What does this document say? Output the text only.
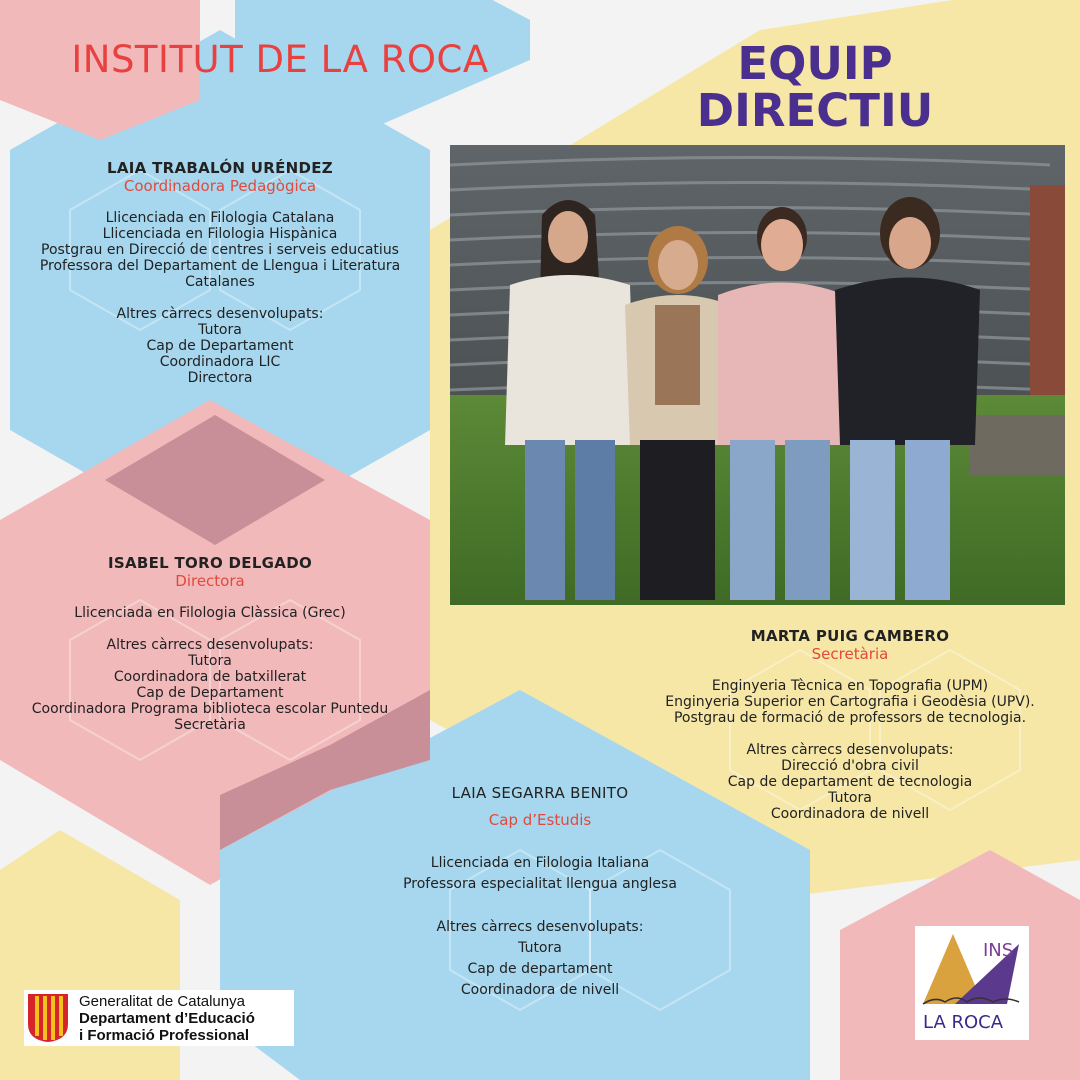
INSTITUT DE LA ROCA	EQUIP
DIRECTIU
LAIA TRABALÓN URÉNDEZ
Coordinadora Pedagògica
Llicenciada en Filologia Catalana
Llicenciada en Filologia Hispànica
Postgrau en Direcció de centres i serveis educatius
Professora del Departament de Llengua i Literatura
Catalanes
Altres càrrecs desenvolupats:
Tutora
Cap de Departament
Coordinadora LIC
Directora
ISABEL TORO DELGADO
Directora
Llicenciada en Filologia Clàssica (Grec)
Altres càrrecs desenvolupats:
Tutora
Coordinadora de batxillerat
Cap de Departament
Coordinadora Programa biblioteca escolar Puntedu
Secretària
MARTA PUIG CAMBERO
Secretària
Enginyeria Tècnica en Topografia (UPM)
Enginyeria Superior en Cartografia i Geodèsia (UPV).
Postgrau de formació de professors de tecnologia.
Altres càrrecs desenvolupats:
Direcció d'obra civil
Cap de departament de tecnologia
Tutora
Coordinadora de nivell
LAIA SEGARRA BENITO
Cap d’Estudis
Llicenciada en Filologia Italiana
Professora especialitat llengua anglesa
Altres càrrecs desenvolupats:
Tutora
Cap de departament
Coordinadora de nivell
Generalitat de Catalunya
Departament d’Educació
i Formació Professional
INS
LA ROCA
